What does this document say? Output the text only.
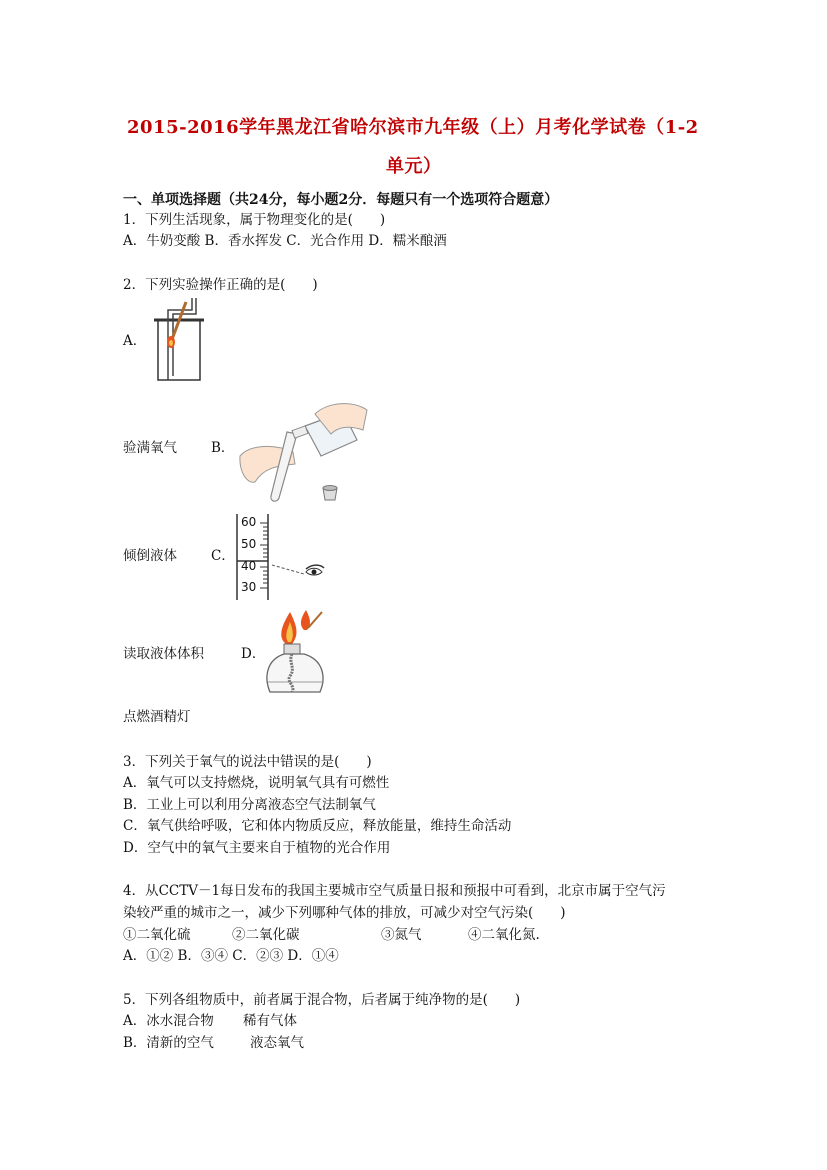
2015-2016学年黑龙江省哈尔滨市九年级（上）月考化学试卷（1-2
单元）
一、单项选择题（共24分，每小题2分．每题只有一个选项符合题意）
1．下列生活现象，属于物理变化的是(　　)
A．牛奶变酸 B．香水挥发 C．光合作用 D．糯米酿酒
2．下列实验操作正确的是(　　)
A．
验满氧气	B．
倾倒液体	C．
60
50
40
30
读取液体体积	D．
点燃酒精灯
3．下列关于氧气的说法中错误的是(　　)
A．氧气可以支持燃烧，说明氧气具有可燃性
B．工业上可以利用分离液态空气法制氧气
C．氧气供给呼吸，它和体内物质反应，释放能量，维持生命活动
D．空气中的氧气主要来自于植物的光合作用
4．从CCTV－1每日发布的我国主要城市空气质量日报和预报中可看到，北京市属于空气污
染较严重的城市之一，减少下列哪种气体的排放，可减少对空气污染(　　)
①二氧化硫	②二氧化碳	③氮气	④二氧化氮.
A．①② B．③④ C．②③ D．①④
5．下列各组物质中，前者属于混合物，后者属于纯净物的是(　　)
A．冰水混合物 稀有气体
B．清新的空气	液态氧气
